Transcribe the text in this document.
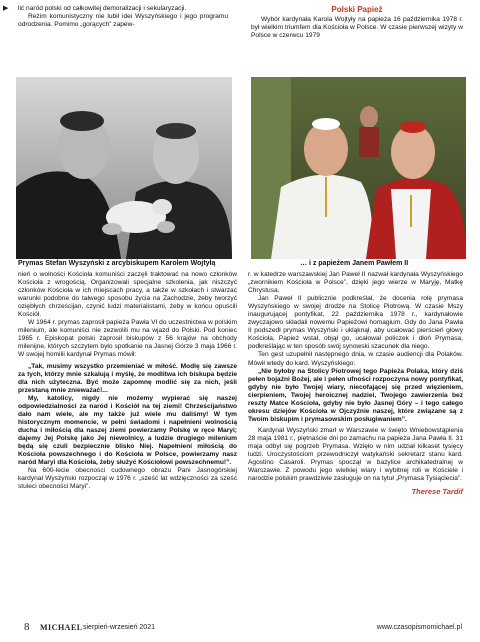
▶ lić naród polski od całkowitej demoralizacji i sekularyzacji.

Reżim komunistyczny nie lubił idei Wyszyńskiego i jego programu odrodzenia. Pomimo „gorących” zapew-

Polski Papież

Wybór kardynała Karola Wojtyły na papieża 16 października 1978 r. był wielkim triumfem dla Kościoła w Polsce. W czasie pierwszej wizyty w Polsce w czerwcu 1979

Prymas Stefan Wyszyński z arcybiskupem Karolem Wojtyłą	… i z papieżem Janem Pawłem II

nień o wolności Kościoła komuniści zaczęli traktować na nowo członków Kościoła z wrogością. Organizowali specjalne szkolenia, jak niszczyć członków Kościoła w ich miejscach pracy, a także w szkołach i stwarzać warunki podobne do tałwego sposobu życia na Zachodzie, żeby tworzyć oziębłych chrześcijan, czynić ludzi materialistami, żeby w końcu opuścili Kościół.

W 1964 r. prymas zaprosił papieża Pawła VI do uczestnictwa w polskim milenium, ale komuniści nie zezwolili mu na wjazd do Polski. Pod koniec 1965 r. Episkopat polski zaprosił biskupów z 56 krajów na obchody milenijne, których szczytem było spotkanie na Jasnej Górze 3 maja 1966 r. W swojej homilii kardynał Prymas mówił:

„Tak, musimy wszystko przemieniać w miłość. Modlę się zawsze za tych, którzy mnie szkalują i myślę, że modlitwa ich biskupa będzie dla nich użyteczna. Być może zapomnę modlić się za nich, jeśli przestaną mnie znieważać!...

My, katolicy, nigdy nie możemy wypierać się naszej odpowiedzialności za naród i Kościół na tej ziemi! Chrześcijaństwo dało nam wiele, ale my także już wiele mu daliśmy! W tym historycznym momencie, w pełni świadomi i napełnieni wolnością ducha i miłością dla naszej ziemi powierzamy Polskę w ręce Maryi; dajemy Jej Polskę jako Jej niewolnicy, a ludzie drugiego milenium będą się czuli bezpiecznie blisko Niej. Napełnieni miłością do Kościoła powszechnego i do Kościoła w Polsce, powierzamy nasz naród Maryi dla Kościoła, żeby służyć Kościołowi powszechnemu!”.

Na 600-lecie obecności cudownego obrazu Pani Jasnogórskiej kardynał Wyszyński rozpoczął w 1976 r. „sześć lat wdzięczności za sześć stuleci obecności Maryi”.

r. w katedrze warszawskiej Jan Paweł II nazwał kardynała Wyszyńskiego „zwornikiem Kościoła w Polsce”, dzięki jego wierze w Maryję, Matkę Chrystusa.

Jan Paweł II publicznie podkreślał, że docenia rolę prymasa Wyszyńskiego w swojej drodze na Stolicę Piotrową. W czasie Mszy inaugurującej pontyfikat, 22 października 1978 r., kardynałowie zwyczajowo składali nowemu Papieżowi homagium. Gdy do Jana Pawła II podszedł prymas Wyszyński i ukląknął, aby ucałować pierścień głowy Kościoła, Papież wstał, objął go, ucałował policzek i dłoń Prymasa, podkreślając w ten sposób swój synowski szacunek dla niego.

Ten gest uzupełnił następnego dnia, w czasie audiencji dla Polaków. Mówił wtedy do kard. Wyszyńskiego:

„Nie byłoby na Stolicy Piotrowej tego Papieża Polaka, który dziś pełen bojaźni Bożej, ale i pełen ufności rozpoczyna nowy pontyfikat, gdyby nie było Twojej wiary, niecofającej się przed więzieniem, cierpieniem, Twojej heroicznej nadziei, Twojego zawierzenia bez reszty Matce Kościoła, gdyby nie było Jasnej Góry – i tego całego okresu dziejów Kościoła w Ojczyźnie naszej, które związane są z Twoim biskupim i prymasowskim posługiwaniem”.

Kardynał Wyszyński zmarł w Warszawie w święto Wniebowstąpienia 28 maja 1981 r., piętnaście dni po zamachu na papieża Jana Pawła II. 31 maja odbył się pogrzeb Prymasa. Wzięło w nim udział kilkaset tysięcy ludzi. Uroczystościom przewodniczył watykański sekretarz stanu kard. Agostino Casaroli. Prymas spoczął w bazylice archikatedralnej w Warszawie. Z powodu jego wielkiej wiary i wybitnej roli w Kościele i narodzie polskim prawdziwie zasługuje on na tytuł „Prymasa Tysiąclecia”.

Therese Tardif
8 MICHAEL sierpień-wrzesień 2021	www.czasopismomichael.pl
